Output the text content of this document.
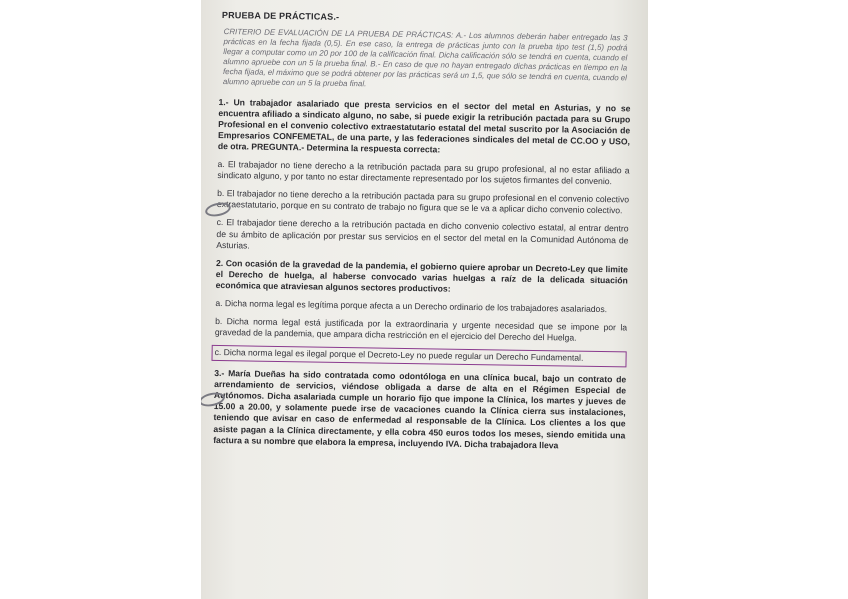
PRUEBA DE PRÁCTICAS.-
CRITERIO DE EVALUACIÓN DE LA PRUEBA DE PRÁCTICAS: A.- Los alumnos deberán haber entregado las 3 prácticas en la fecha fijada (0,5). En ese caso, la entrega de prácticas junto con la prueba tipo test (1,5) podrá llegar a computar como un 20 por 100 de la calificación final. Dicha calificación sólo se tendrá en cuenta, cuando el alumno apruebe con un 5 la prueba final. B.- En caso de que no hayan entregado dichas prácticas en tiempo en la fecha fijada, el máximo que se podrá obtener por las prácticas será un 1,5, que sólo se tendrá en cuenta, cuando el alumno apruebe con un 5 la prueba final.
1.- Un trabajador asalariado que presta servicios en el sector del metal en Asturias, y no se encuentra afiliado a sindicato alguno, no sabe, si puede exigir la retribución pactada para su Grupo Profesional en el convenio colectivo extraestatutario estatal del metal suscrito por la Asociación de Empresarios CONFEMETAL, de una parte, y las federaciones sindicales del metal de CC.OO y USO, de otra. PREGUNTA.- Determina la respuesta correcta:
a. El trabajador no tiene derecho a la retribución pactada para su grupo profesional, al no estar afiliado a sindicato alguno, y por tanto no estar directamente representado por los sujetos firmantes del convenio.
b. El trabajador no tiene derecho a la retribución pactada para su grupo profesional en el convenio colectivo extraestatutario, porque en su contrato de trabajo no figura que se le va a aplicar dicho convenio colectivo.
c. El trabajador tiene derecho a la retribución pactada en dicho convenio colectivo estatal, al entrar dentro de su ámbito de aplicación por prestar sus servicios en el sector del metal en la Comunidad Autónoma de Asturias.
2. Con ocasión de la gravedad de la pandemia, el gobierno quiere aprobar un Decreto-Ley que limite el Derecho de huelga, al haberse convocado varias huelgas a raíz de la delicada situación económica que atraviesan algunos sectores productivos:
a. Dicha norma legal es legítima porque afecta a un Derecho ordinario de los trabajadores asalariados.
b. Dicha norma legal está justificada por la extraordinaria y urgente necesidad que se impone por la gravedad de la pandemia, que ampara dicha restricción en el ejercicio del Derecho del Huelga.
c. Dicha norma legal es ilegal porque el Decreto-Ley no puede regular un Derecho Fundamental.
3.- María Dueñas ha sido contratada como odontóloga en una clínica bucal, bajo un contrato de arrendamiento de servicios, viéndose obligada a darse de alta en el Régimen Especial de Autónomos. Dicha asalariada cumple un horario fijo que impone la Clínica, los martes y jueves de 15.00 a 20.00, y solamente puede irse de vacaciones cuando la Clínica cierra sus instalaciones, teniendo que avisar en caso de enfermedad al responsable de la Clínica. Los clientes a los que asiste pagan a la Clínica directamente, y ella cobra 450 euros todos los meses, siendo emitida una factura a su nombre que elabora la empresa, incluyendo IVA. Dicha trabajadora lleva
